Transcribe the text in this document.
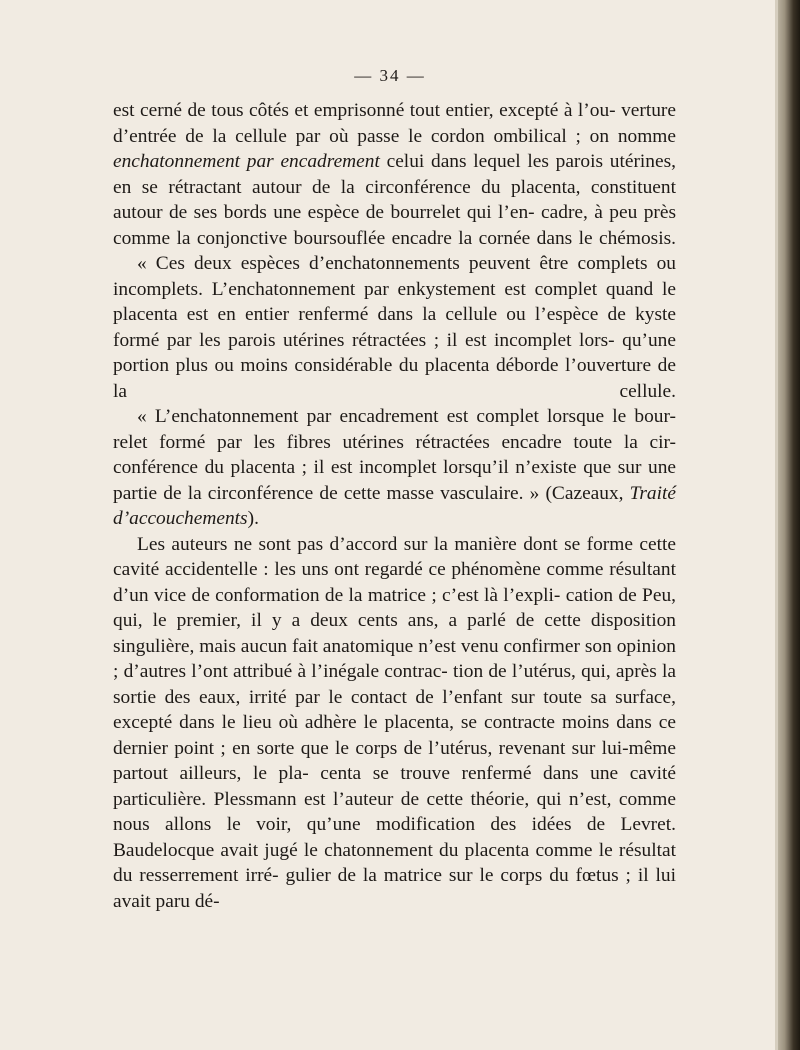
— 34 —

est cerné de tous côtés et emprisonné tout entier, excepté à l’ou- verture d’entrée de la cellule par où passe le cordon ombilical ; on nomme enchatonnement par encadrement celui dans lequel les parois utérines, en se rétractant autour de la circonférence du placenta, constituent autour de ses bords une espèce de bourrelet qui l’en- cadre, à peu près comme la conjonctive boursouflée encadre la cornée dans le chémosis.

« Ces deux espèces d’enchatonnements peuvent être complets ou incomplets. L’enchatonnement par enkystement est complet quand le placenta est en entier renfermé dans la cellule ou l’espèce de kyste formé par les parois utérines rétractées ; il est incomplet lors- qu’une portion plus ou moins considérable du placenta déborde l’ouverture de la cellule.

« L’enchatonnement par encadrement est complet lorsque le bour- relet formé par les fibres utérines rétractées encadre toute la cir- conférence du placenta ; il est incomplet lorsqu’il n’existe que sur une partie de la circonférence de cette masse vasculaire. » (Cazeaux, Traité d’accouchements).

Les auteurs ne sont pas d’accord sur la manière dont se forme cette cavité accidentelle : les uns ont regardé ce phénomène comme résultant d’un vice de conformation de la matrice ; c’est là l’expli- cation de Peu, qui, le premier, il y a deux cents ans, a parlé de cette disposition singulière, mais aucun fait anatomique n’est venu confirmer son opinion ; d’autres l’ont attribué à l’inégale contrac- tion de l’utérus, qui, après la sortie des eaux, irrité par le contact de l’enfant sur toute sa surface, excepté dans le lieu où adhère le placenta, se contracte moins dans ce dernier point ; en sorte que le corps de l’utérus, revenant sur lui-même partout ailleurs, le pla- centa se trouve renfermé dans une cavité particulière. Plessmann est l’auteur de cette théorie, qui n’est, comme nous allons le voir, qu’une modification des idées de Levret. Baudelocque avait jugé le chatonnement du placenta comme le résultat du resserrement irré- gulier de la matrice sur le corps du fœtus ; il lui avait paru dé-
